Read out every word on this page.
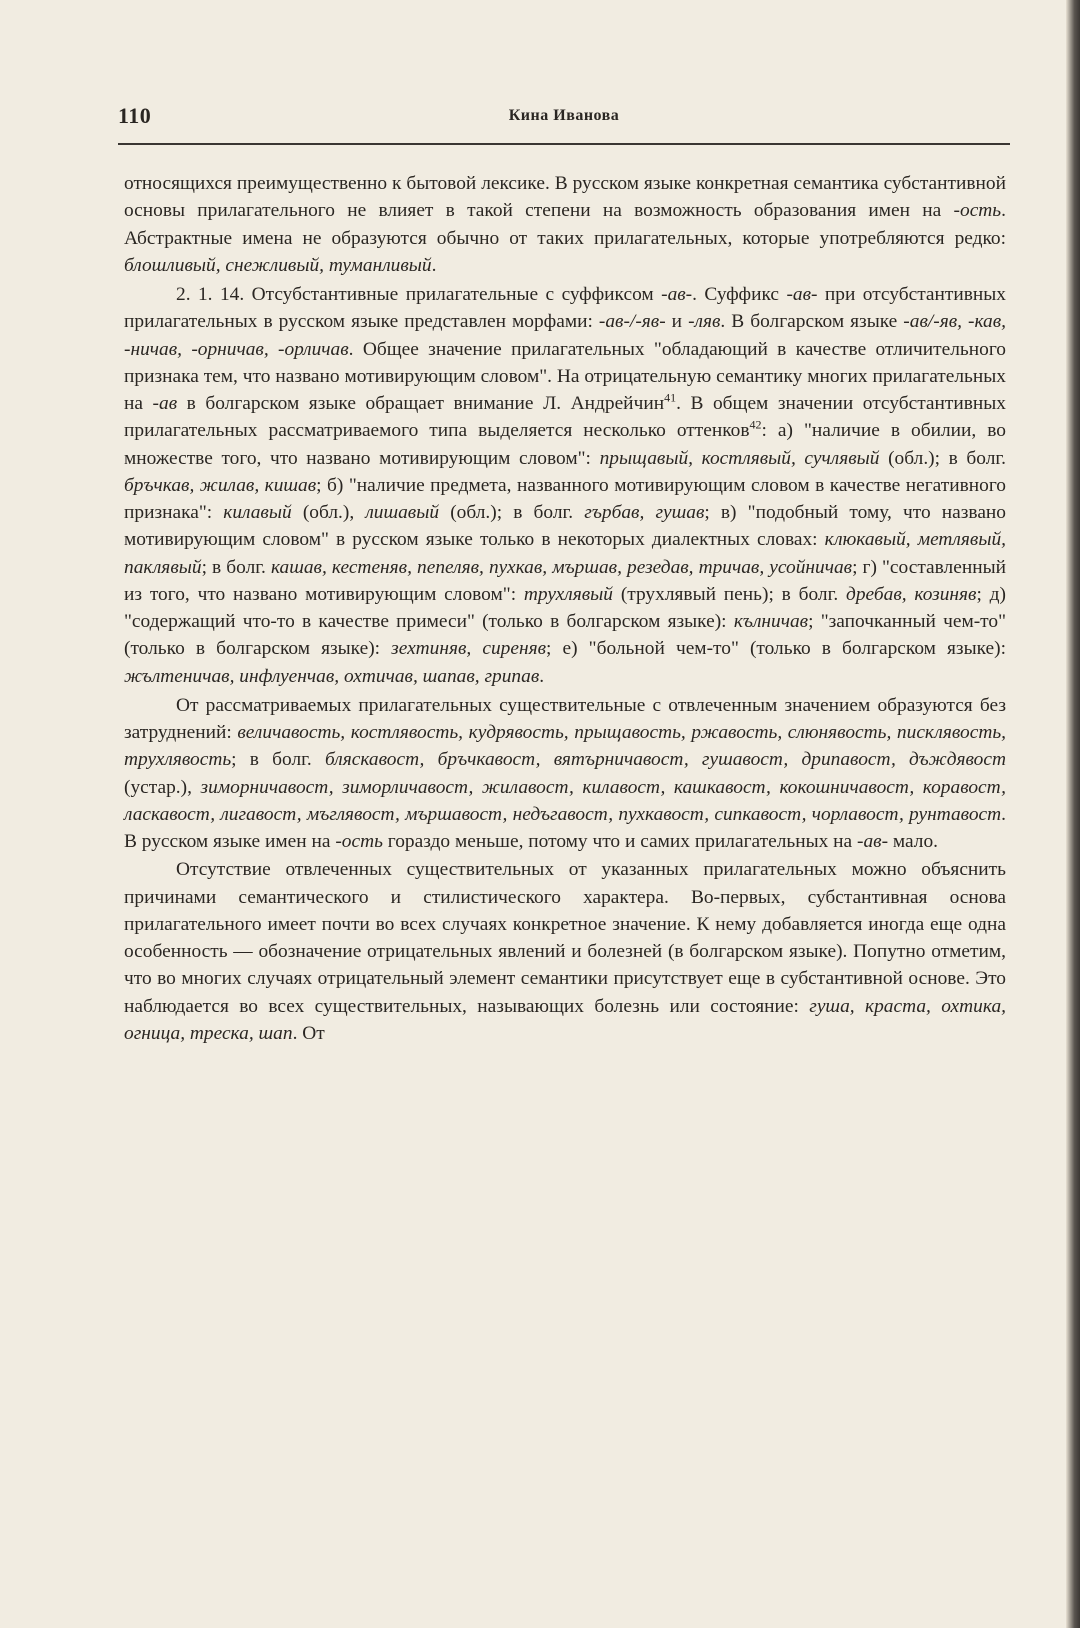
110	Кина Иванова

относящихся преимущественно к бытовой лексике. В русском языке конкретная семантика субстантивной основы прилагательного не влияет в такой степени на возможность образования имен на -ость. Абстрактные имена не образуются обычно от таких прилагательных, которые употребляются редко: блошливый, снежливый, туманливый.

2. 1. 14. Отсубстантивные прилагательные с суффиксом -ав-. Суффикс -ав- при отсубстантивных прилагательных в русском языке представлен морфами: -ав-/-яв- и -ляв. В болгарском языке -ав/-яв, -кав, -ничав, -орничав, -орличав. Общее значение прилагательных "обладающий в качестве отличительного признака тем, что названо мотивирующим словом". На отрицательную семантику многих прилагательных на -ав в болгарском языке обращает внимание Л. Андрейчин$^{41}$. В общем значении отсубстантивных прилагательных рассматриваемого типа выделяется несколько оттенков$^{42}$: а) "наличие в обилии, во множестве того, что названо мотивирующим словом": прыщавый, костлявый, сучлявый (обл.); в болг. бръчкав, жилав, кишав; б) "наличие предмета, названного мотивирующим словом в качестве негативного признака": килавый (обл.), лишавый (обл.); в болг. гърбав, гушав; в) "подобный тому, что названо мотивирующим словом" в русском языке только в некоторых диалектных словах: клюкавый, метлявый, паклявый; в болг. кашав, кестеняв, пепеляв, пухкав, мършав, резедав, тричав, усойничав; г) "составленный из того, что названо мотивирующим словом": трухлявый (трухлявый пень); в болг. дребав, козиняв; д) "содержащий что-то в качестве примеси" (только в болгарском языке): кълничав; "започканный чем-то" (только в болгарском языке): зехтиняв, сиреняв; е) "больной чем-то" (только в болгарском языке): жълтеничав, инфлуенчав, охтичав, шапав, грипав.

От рассматриваемых прилагательных существительные с отвлеченным значением образуются без затруднений: величавость, костлявость, кудрявость, прыщавость, ржавость, слюнявость, писклявость, трухлявость; в болг. бляскавост, бръчкавост, вятърничавост, гушавост, дрипавост, дъждявост (устар.), зиморничавост, зиморличавост, жилавост, килавост, кашкавост, кокошничавост, коравост, ласкавост, лигавост, мъглявост, мършавост, недъгавост, пухкавост, сипкавост, чорлавост, рунтавост. В русском языке имен на -ость гораздо меньше, потому что и самих прилагательных на -ав- мало.

Отсутствие отвлеченных существительных от указанных прилагательных можно объяснить причинами семантического и стилистического характера. Во-первых, субстантивная основа прилагательного имеет почти во всех случаях конкретное значение. К нему добавляется иногда еще одна особенность — обозначение отрицательных явлений и болезней (в болгарском языке). Попутно отметим, что во многих случаях отрицательный элемент семантики присутствует еще в субстантивной основе. Это наблюдается во всех существительных, называющих болезнь или состояние: гуша, краста, охтика, огница, треска, шап. От
